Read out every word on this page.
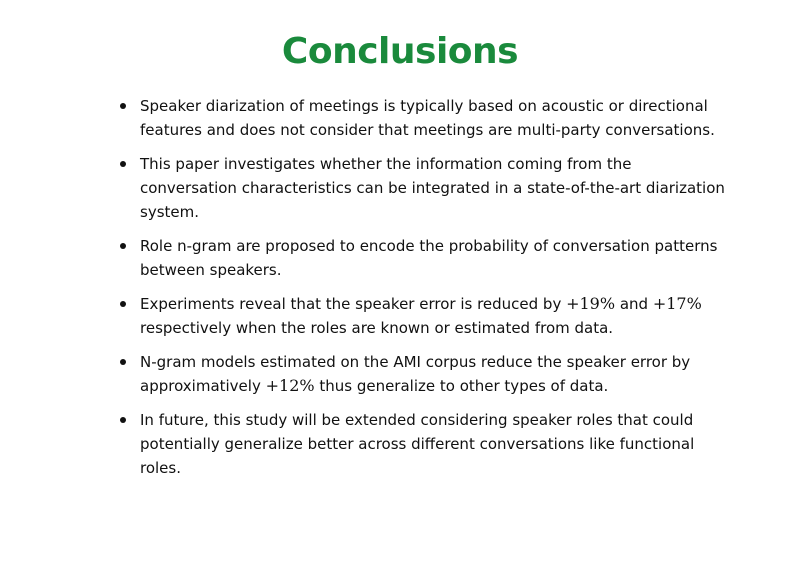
Conclusions
Speaker diarization of meetings is typically based on acoustic or directional features and does not consider that meetings are multi-party conversations.
This paper investigates whether the information coming from the conversation characteristics can be integrated in a state-of-the-art diarization system.
Role n-gram are proposed to encode the probability of conversation patterns between speakers.
Experiments reveal that the speaker error is reduced by +19% and +17% respectively when the roles are known or estimated from data.
N-gram models estimated on the AMI corpus reduce the speaker error by approximatively +12% thus generalize to other types of data.
In future, this study will be extended considering speaker roles that could potentially generalize better across different conversations like functional roles.
